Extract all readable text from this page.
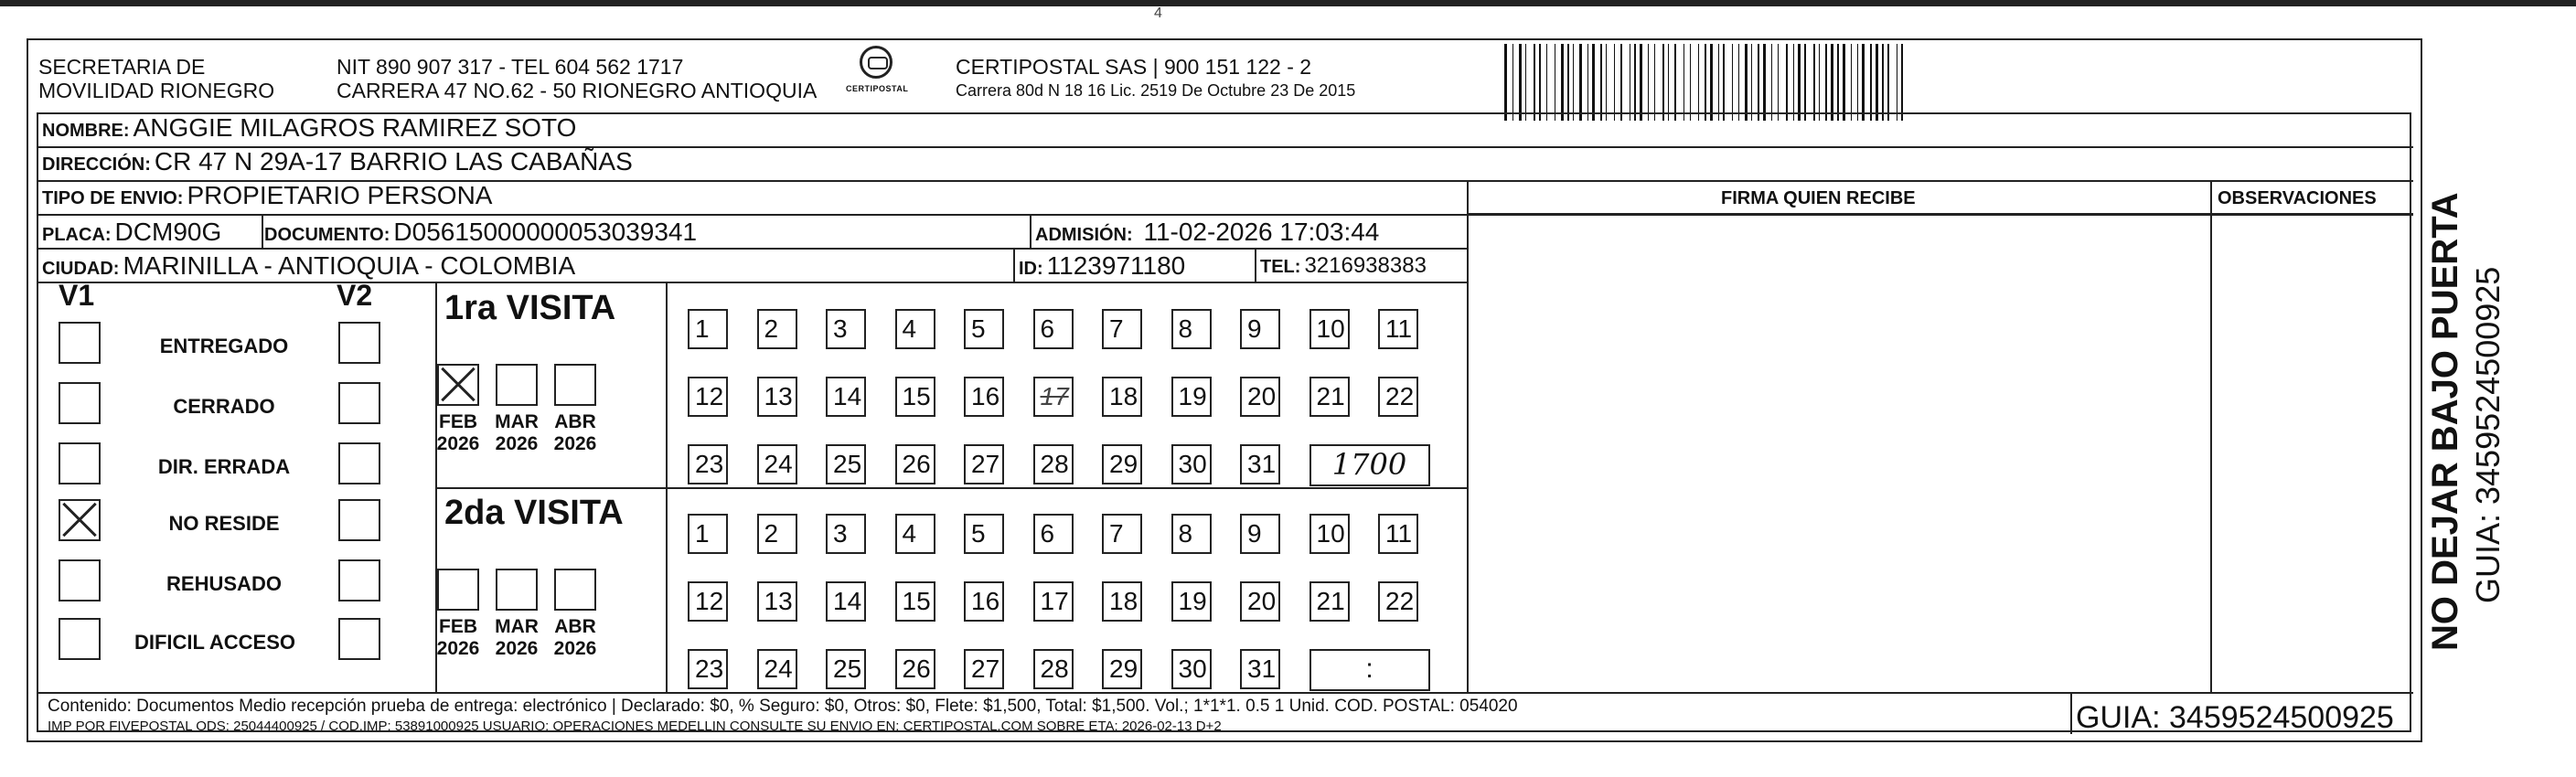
4
SECRETARIA DE
MOVILIDAD RIONEGRO
NIT 890 907 317 - TEL 604 562 1717
CARRERA 47 NO.62 - 50 RIONEGRO ANTIOQUIA	CERTIPOSTAL
CERTIPOSTAL SAS | 900 151 122 - 2
Carrera 80d N 18 16 Lic. 2519 De Octubre 23 De 2015
NOMBRE: ANGGIE MILAGROS RAMIREZ SOTO
DIRECCIÓN: CR 47 N 29A-17 BARRIO LAS CABAÑAS
TIPO DE ENVIO: PROPIETARIO PERSONA
PLACA: DCM90G DOCUMENTO: D05615000000053039341	ADMISIÓN: 11-02-2026 17:03:44
CIUDAD: MARINILLA - ANTIOQUIA - COLOMBIA	ID: 1123971180	TEL: 3216938383
FIRMA QUIEN RECIBE	OBSERVACIONES
V1	V2
ENTREGADO
CERRADO
DIR. ERRADA
NO RESIDE
REHUSADO
DIFICIL ACCESO
1ra VISITA
FEB
2026
MAR
2026
ABR
2026
1	2	3	4	5	6	7	8	9	10 11
12 13 14 15 16 17 18 19 20 21 22
23 24 25 26 27 28 29 30 31	1700
2da VISITA
FEB
2026
MAR
2026
ABR
2026
1	2	3	4	5	6	7	8	9	10 11
12 13 14 15 16 17 18 19 20 21 22
23 24 25 26 27 28 29 30 31	:
Contenido: Documentos Medio recepción prueba de entrega: electrónico | Declarado: $0, % Seguro: $0, Otros: $0, Flete: $1,500, Total: $1,500. Vol.; 1*1*1. 0.5 1 Unid. COD. POSTAL: 054020
IMP POR FIVEPOSTAL ODS: 25044400925 / COD.IMP: 53891000925 USUARIO: OPERACIONES MEDELLIN CONSULTE SU ENVIO EN: CERTIPOSTAL.COM SOBRE ETA: 2026-02-13 D+2	GUIA: 3459524500925
NO DEJAR BAJO PUERTA GUIA: 3459524500925
